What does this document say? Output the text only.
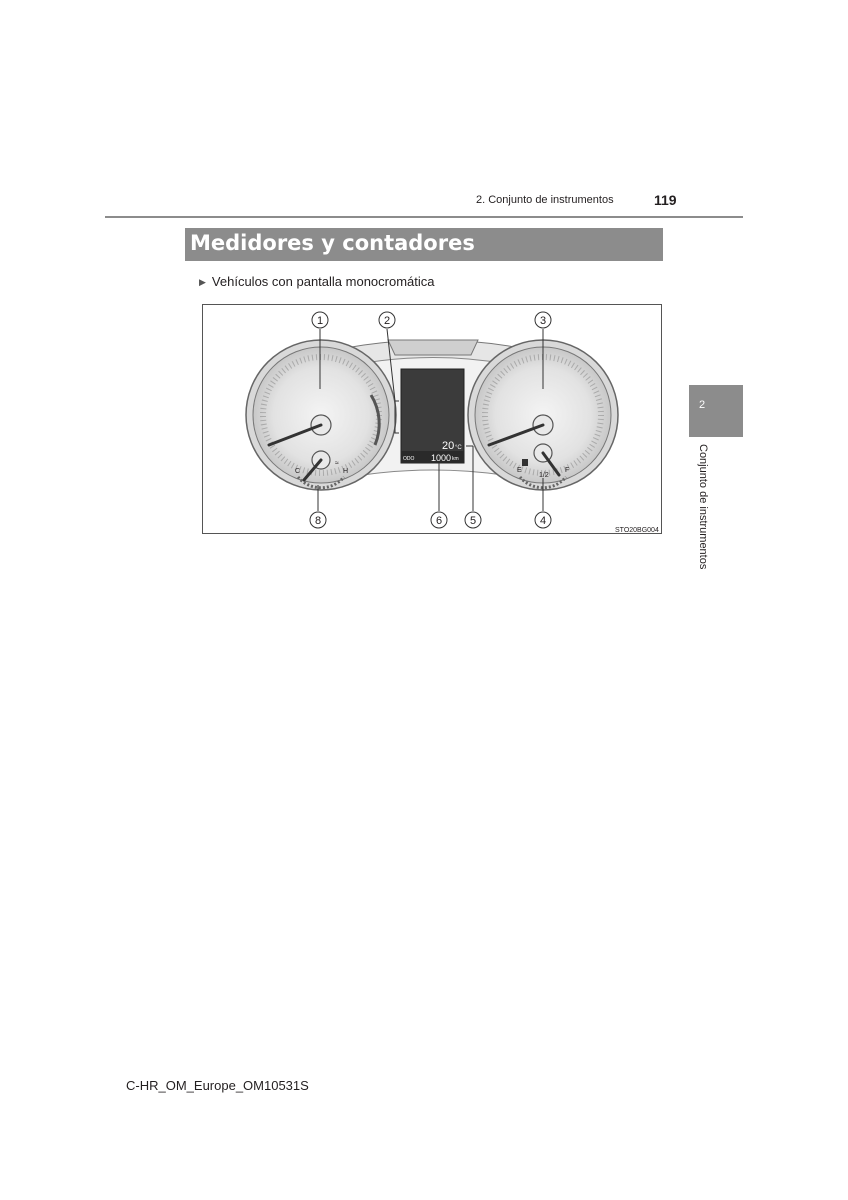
2. Conjunto de instrumentos	119
Medidores y contadores
▶ Vehículos con pantalla monocromática
C	H
≈
E
1/2
F
20 °C
ODO 1000 km
1	2	3
4
5
6
8
STO20BG004
2
Conjunto de instrumentos
C-HR_OM_Europe_OM10531S
